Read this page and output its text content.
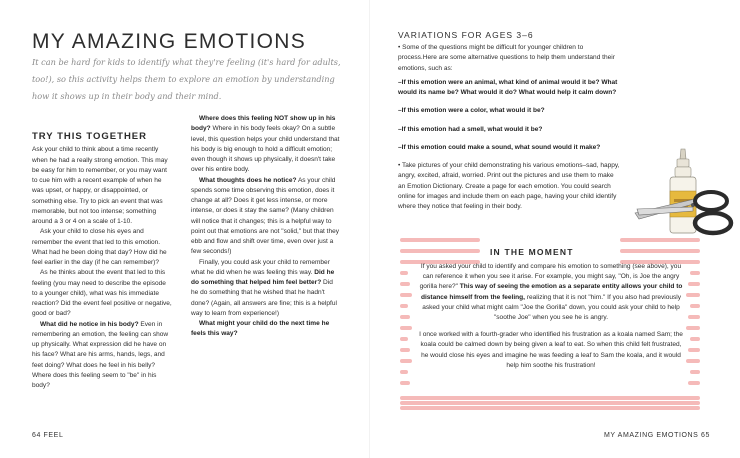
MY AMAZING EMOTIONS
It can be hard for kids to identify what they're feeling (it's hard for adults, too!), so this activity helps them to explore an emotion by understanding how it shows up in their body and their mind.
TRY THIS TOGETHER

Ask your child to think about a time recently when he had a really strong emotion. This may be easy for him to remember, or you may want to cue him with a recent example of when he was upset, or happy, or disappointed, or something else. Try to pick an event that was memorable, but not too intense; something around a 3 or 4 on a scale of 1-10.

Ask your child to close his eyes and remember the event that led to this emotion. What had he been doing that day? How did he feel earlier in the day (if he can remember)?

As he thinks about the event that led to this feeling (you may need to describe the episode to a younger child), what was his immediate reaction? Did the event feel positive or negative, good or bad?

What did he notice in his body? Even in remembering an emotion, the feeling can show up physically. What expression did he have on his face? What are his arms, hands, legs, and feet doing? What does he feel in his belly? Where does this feeling seem to "be" in his body?

Where does this feeling NOT show up in his body? Where in his body feels okay? On a subtle level, this question helps your child understand that his body is big enough to hold a difficult emotion; even though it shows up physically, it doesn't take over his entire body.

What thoughts does he notice? As your child spends some time observing this emotion, does it change at all? Does it get less intense, or more intense, or does it stay the same? (Many children will notice that it changes; this is a helpful way to point out that emotions are not "solid," but that they ebb and flow and shift over time, even over just a few seconds!)

Finally, you could ask your child to remember what he did when he was feeling this way. Did he do something that helped him feel better? Did he do something that he wished that he hadn't done? (Again, all answers are fine; this is a helpful way to learn from experience!)

What might your child do the next time he feels this way?

64 FEEL
VARIATIONS FOR AGES 3–6

• Some of the questions might be difficult for younger children to process.Here are some alternative questions to help them understand their emotions, such as:

–If this emotion were an animal, what kind of animal would it be? What would its name be? What would it do? What would help it calm down?

–If this emotion were a color, what would it be?

–If this emotion had a smell, what would it be?

–If this emotion could make a sound, what sound would it make?

• Take pictures of your child demonstrating his various emotions–sad, happy, angry, excited, afraid, worried. Print out the pictures and use them to make an Emotion Dictionary. Create a page for each emotion. You could search online for images and include them on each page, having your child identify where they notice that feeling in their body.

IN THE MOMENT

If you asked your child to identify and compare his emotion to something (see above), you can reference it when you see it arise. For example, you might say, "Oh, is Joe the angry gorilla here?" This way of seeing the emotion as a separate entity allows your child to distance himself from the feeling, realizing that it is not "him." If you also had previously asked your child what might calm "Joe the Gorilla" down, you could ask your child to help "soothe Joe" when you see he is angry.

I once worked with a fourth-grader who identified his frustration as a koala named Sam; the koala could be calmed down by being given a leaf to eat. So when this child felt frustrated, he would close his eyes and imagine he was feeding a leaf to Sam the koala, and it would help him soothe his frustration!

MY AMAZING EMOTIONS 65
